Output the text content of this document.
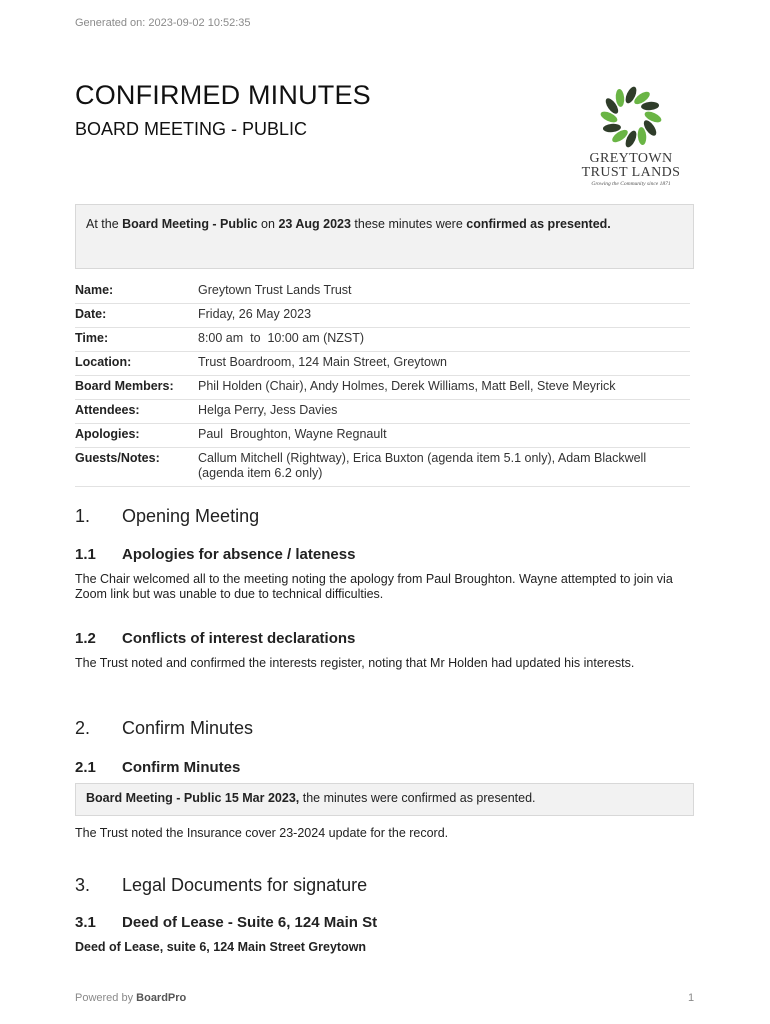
Generated on: 2023-09-02 10:52:35
CONFIRMED MINUTES
BOARD MEETING - PUBLIC
GREYTOWN
TRUST LANDS
Growing the Community since 1871
At the Board Meeting - Public on 23 Aug 2023 these minutes were confirmed as presented.
Name:	Greytown Trust Lands Trust
Date:	Friday, 26 May 2023
Time:	8:00 am  to  10:00 am (NZST)
Location:	Trust Boardroom, 124 Main Street, Greytown
Board Members:	Phil Holden (Chair), Andy Holmes, Derek Williams, Matt Bell, Steve Meyrick
Attendees:	Helga Perry, Jess Davies
Apologies:	Paul  Broughton, Wayne Regnault
Guests/Notes:	Callum Mitchell (Rightway), Erica Buxton (agenda item 5.1 only), Adam Blackwell (agenda item 6.2 only)
1. Opening Meeting
1.1 Apologies for absence / lateness
The Chair welcomed all to the meeting noting the apology from Paul Broughton. Wayne attempted to join via Zoom link but was unable to due to technical difficulties.
1.2 Conflicts of interest declarations
The Trust noted and confirmed the interests register, noting that Mr Holden had updated his interests.
2. Confirm Minutes
2.1 Confirm Minutes
Board Meeting - Public 15 Mar 2023, the minutes were confirmed as presented.
The Trust noted the Insurance cover 23-2024 update for the record.
3. Legal Documents for signature
3.1 Deed of Lease - Suite 6, 124 Main St
Deed of Lease, suite 6, 124 Main Street Greytown
Powered by BoardPro	1
